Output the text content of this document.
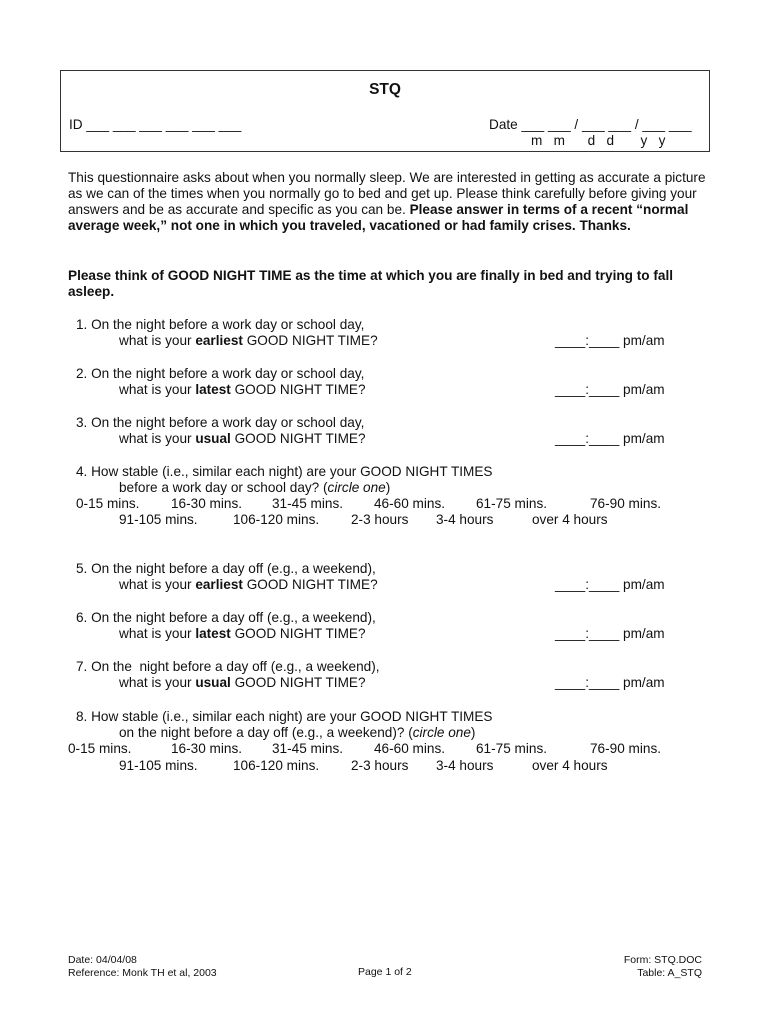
STQ
ID ___ ___ ___ ___ ___ ___	Date ___ ___ / ___ ___ / ___ ___
m   m      d   d       y   y
This questionnaire asks about when you normally sleep. We are interested in getting as accurate a picture as we can of the times when you normally go to bed and get up. Please think carefully before giving your answers and be as accurate and specific as you can be. Please answer in terms of a recent “normal average week,” not one in which you traveled, vacationed or had family crises. Thanks.
Please think of GOOD NIGHT TIME as the time at which you are finally in bed and trying to fall asleep.
1. On the night before a work day or school day,
what is your earliest GOOD NIGHT TIME?	____:____ pm/am
2. On the night before a work day or school day,
what is your latest GOOD NIGHT TIME?	____:____ pm/am
3. On the night before a work day or school day,
what is your usual GOOD NIGHT TIME?	____:____ pm/am
4. How stable (i.e., similar each night) are your GOOD NIGHT TIMES
before a work day or school day? (circle one)
0-15 mins. 16-30 mins. 31-45 mins. 46-60 mins. 61-75 mins.	76-90 mins.
91-105 mins.	106-120 mins. 2-3 hours 3-4 hours	over 4 hours
5. On the night before a day off (e.g., a weekend),
what is your earliest GOOD NIGHT TIME?	____:____ pm/am
6. On the night before a day off (e.g., a weekend),
what is your latest GOOD NIGHT TIME?	____:____ pm/am
7. On the  night before a day off (e.g., a weekend),
what is your usual GOOD NIGHT TIME?	____:____ pm/am
8. How stable (i.e., similar each night) are your GOOD NIGHT TIMES
on the night before a day off (e.g., a weekend)? (circle one)
0-15 mins.	16-30 mins. 31-45 mins. 46-60 mins. 61-75 mins.	76-90 mins.
91-105 mins.	106-120 mins. 2-3 hours 3-4 hours	over 4 hours
Date: 04/04/08
Reference: Monk TH et al, 2003	Page 1 of 2
Form: STQ.DOC
Table: A_STQ
